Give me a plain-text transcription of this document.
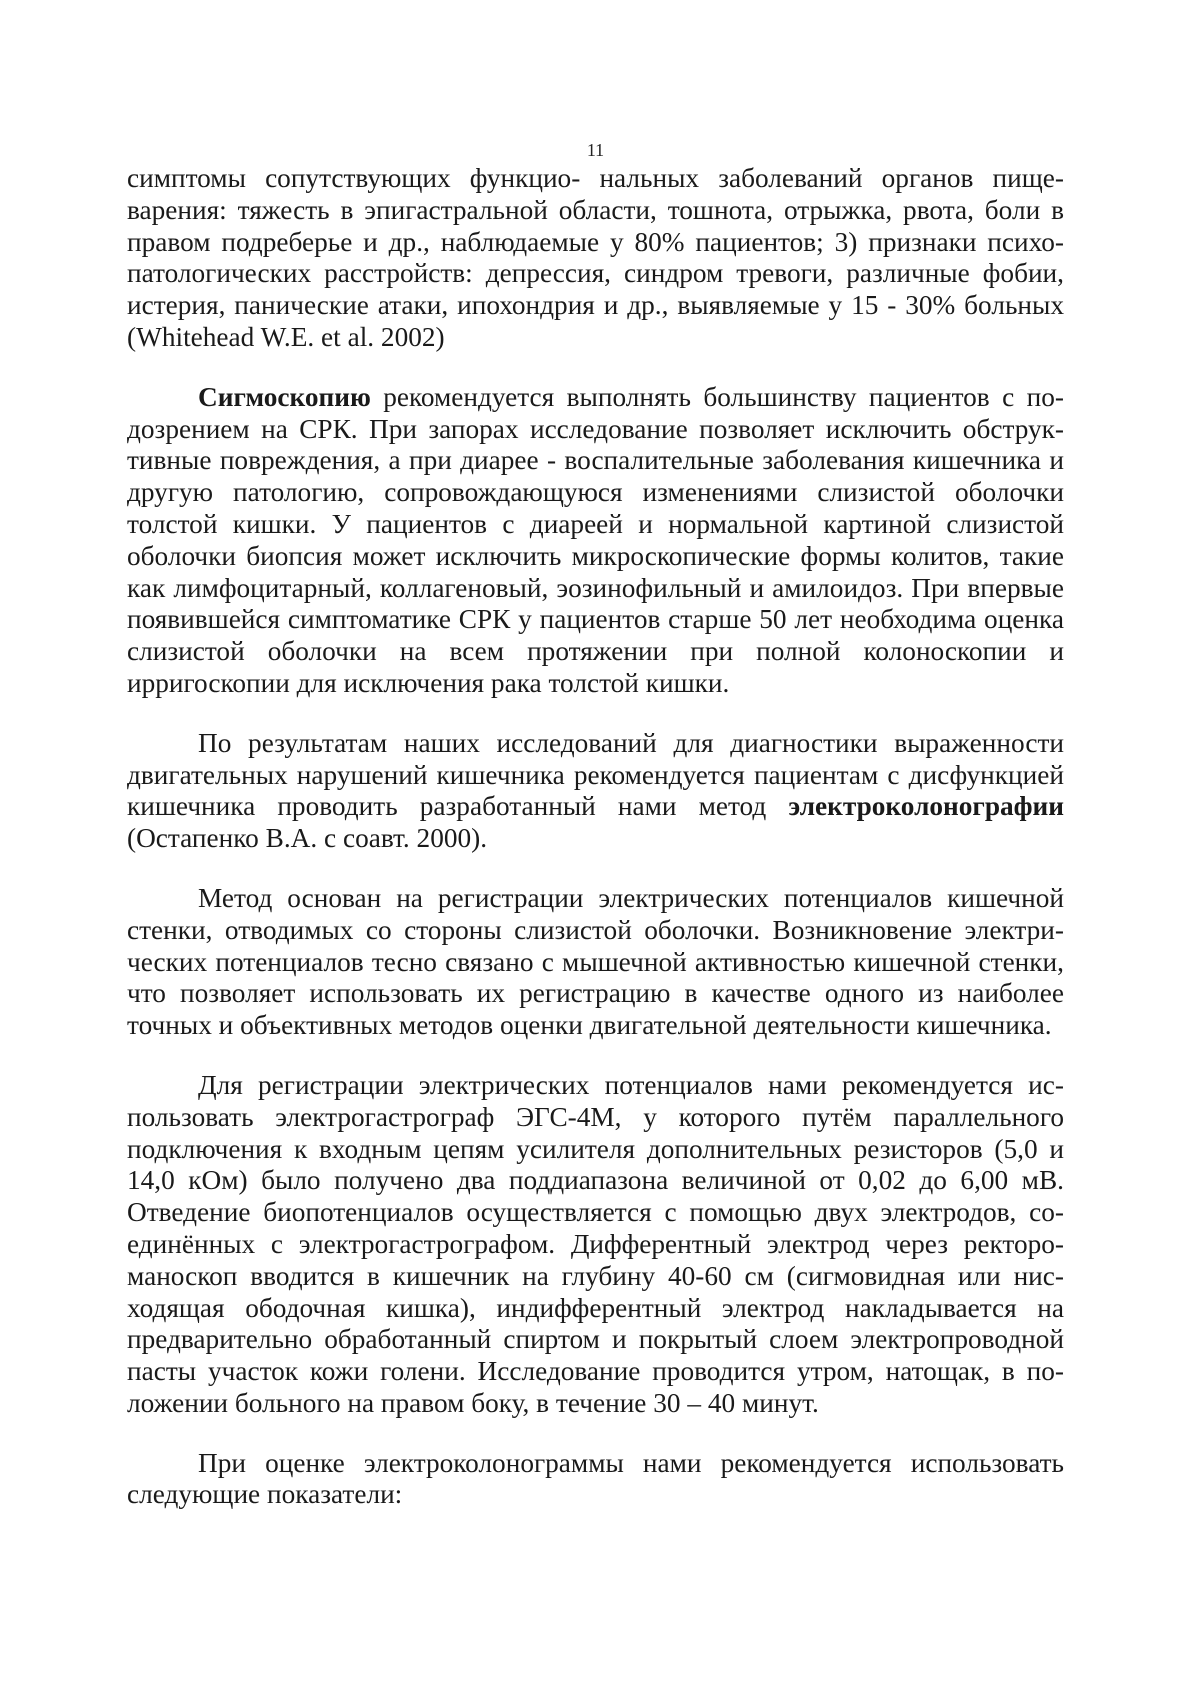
11

симптомы сопутствующих функцио- нальных заболеваний органов пищеварения: тяжесть в эпигастральной области, тошнота, отрыжка, рвота, боли в правом подреберье и др., наблюдаемые у 80% пациентов; 3) признаки психопатологических расстройств: депрессия, синдром тревоги, различные фобии, истерия, панические атаки, ипохондрия и др., выявляемые у 15 - 30% больных (Whitehead W.E. et al. 2002)

Сигмоскопию рекомендуется выполнять большинству пациентов с подозрением на СРК. При запорах исследование позволяет исключить обструктивные повреждения, а при диарее - воспалительные заболевания кишечника и другую патологию, сопровождающуюся изменениями слизистой оболочки толстой кишки. У пациентов с диареей и нормальной картиной слизистой оболочки биопсия может исключить микроскопические формы колитов, такие как лимфоцитарный, коллагеновый, эозинофильный и амилоидоз. При впервые появившейся симптоматике СРК у пациентов старше 50 лет необходима оценка слизистой оболочки на всем протяжении при полной колоноскопии и ирригоскопии для исключения рака толстой кишки.

По результатам наших исследований для диагностики выраженности двигательных нарушений кишечника рекомендуется пациентам с дисфункцией кишечника проводить разработанный нами метод электроколонографии (Остапенко В.А. с соавт. 2000).

Метод основан на регистрации электрических потенциалов кишечной стенки, отводимых со стороны слизистой оболочки. Возникновение электрических потенциалов тесно связано с мышечной активностью кишечной стенки, что позволяет использовать их регистрацию в качестве одного из наиболее точных и объективных методов оценки двигательной деятельности кишечника.

Для регистрации электрических потенциалов нами рекомендуется использовать электрогастрограф ЭГС-4М, у которого путём параллельного подключения к входным цепям усилителя дополнительных резисторов (5,0 и 14,0 кОм) было получено два поддиапазона величиной от 0,02 до 6,00 мВ. Отведение биопотенциалов осуществляется с помощью двух электродов, соединённых с электрогастрографом. Дифферентный электрод через ректороманоскоп вводится в кишечник на глубину 40-60 см (сигмовидная или нисходящая ободочная кишка), индифферентный электрод накладывается на предварительно обработанный спиртом и покрытый слоем электропроводной пасты участок кожи голени. Исследование проводится утром, натощак, в положении больного на правом боку, в течение 30 – 40 минут.

При оценке электроколонограммы нами рекомендуется использовать следующие показатели:
